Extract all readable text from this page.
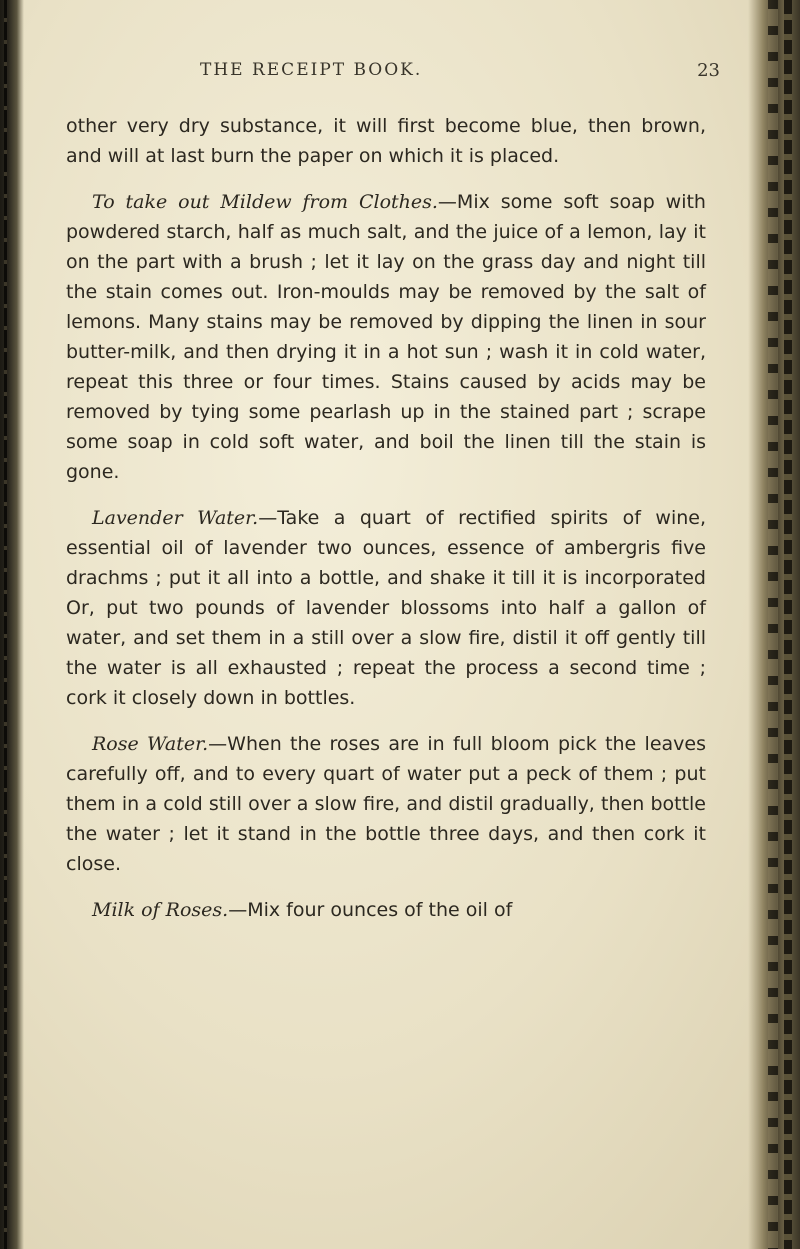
THE RECEIPT BOOK.	23

other very dry substance, it will first become blue, then brown, and will at last burn the paper on which it is placed.

To take out Mildew from Clothes.—Mix some soft soap with powdered starch, half as much salt, and the juice of a lemon, lay it on the part with a brush ; let it lay on the grass day and night till the stain comes out. Iron-moulds may be removed by the salt of lemons. Many stains may be removed by dipping the linen in sour butter-milk, and then drying it in a hot sun ; wash it in cold water, repeat this three or four times. Stains caused by acids may be removed by tying some pearlash up in the stained part ; scrape some soap in cold soft water, and boil the linen till the stain is gone.

Lavender Water.—Take a quart of rectified spirits of wine, essential oil of lavender two ounces, essence of ambergris five drachms ; put it all into a bottle, and shake it till it is incorporated Or, put two pounds of lavender blossoms into half a gallon of water, and set them in a still over a slow fire, distil it off gently till the water is all exhausted ; repeat the process a second time ; cork it closely down in bottles.

Rose Water.—When the roses are in full bloom pick the leaves carefully off, and to every quart of water put a peck of them ; put them in a cold still over a slow fire, and distil gradually, then bottle the water ; let it stand in the bottle three days, and then cork it close.

Milk of Roses.—Mix four ounces of the oil of
